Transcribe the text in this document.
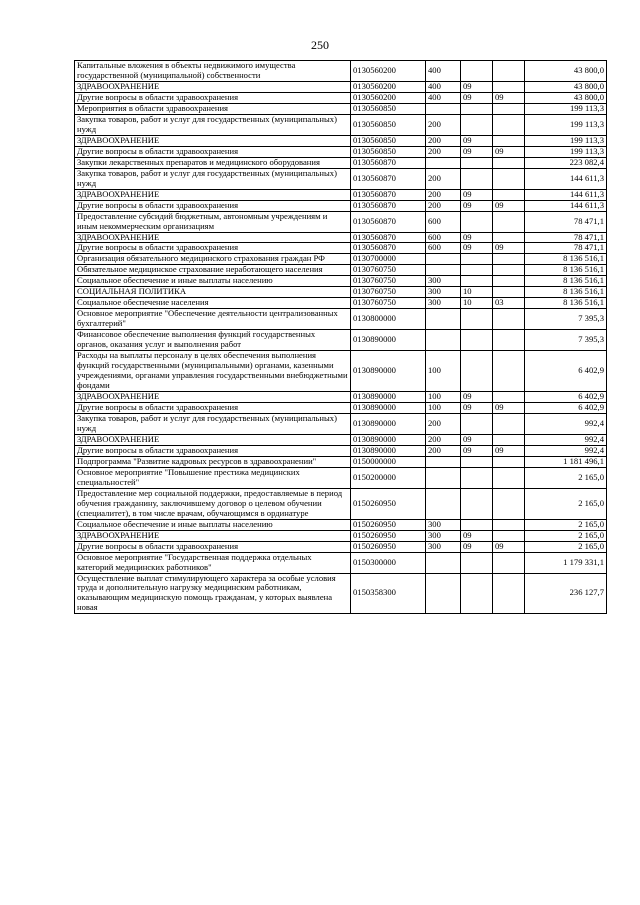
250
Капитальные вложения в объекты недвижимого имущества государственной (муниципальной) собственности	0130560200	400			43 800,0
ЗДРАВООХРАНЕНИЕ	0130560200	400	09		43 800,0
Другие вопросы в области здравоохранения	0130560200	400	09	09	43 800,0
Мероприятия в области здравоохранения	0130560850				199 113,3
Закупка товаров, работ и услуг для государственных (муниципальных) нужд	0130560850	200			199 113,3
ЗДРАВООХРАНЕНИЕ	0130560850	200	09		199 113,3
Другие вопросы в области здравоохранения	0130560850	200	09	09	199 113,3
Закупки лекарственных препаратов и медицинского оборудования	0130560870				223 082,4
Закупка товаров, работ и услуг для государственных (муниципальных) нужд	0130560870	200			144 611,3
ЗДРАВООХРАНЕНИЕ	0130560870	200	09		144 611,3
Другие вопросы в области здравоохранения	0130560870	200	09	09	144 611,3
Предоставление субсидий бюджетным, автономным учреждениям и иным некоммерческим организациям	0130560870	600			78 471,1
ЗДРАВООХРАНЕНИЕ	0130560870	600	09		78 471,1
Другие вопросы в области здравоохранения	0130560870	600	09	09	78 471,1
Организация обязательного медицинского страхования граждан РФ	0130700000				8 136 516,1
Обязательное медицинское страхование неработающего населения	0130760750				8 136 516,1
Социальное обеспечение и иные выплаты населению	0130760750	300			8 136 516,1
СОЦИАЛЬНАЯ ПОЛИТИКА	0130760750	300	10		8 136 516,1
Социальное обеспечение населения	0130760750	300	10	03	8 136 516,1
Основное мероприятие "Обеспечение деятельности централизованных бухгалтерий"	0130800000				7 395,3
Финансовое обеспечение выполнения функций государственных органов, оказания услуг и выполнения работ	0130890000				7 395,3
Расходы на выплаты персоналу в целях обеспечения выполнения функций государственными (муниципальными) органами, казенными учреждениями, органами управления государственными внебюджетными фондами	0130890000	100			6 402,9
ЗДРАВООХРАНЕНИЕ	0130890000	100	09		6 402,9
Другие вопросы в области здравоохранения	0130890000	100	09	09	6 402,9
Закупка товаров, работ и услуг для государственных (муниципальных) нужд	0130890000	200			992,4
ЗДРАВООХРАНЕНИЕ	0130890000	200	09		992,4
Другие вопросы в области здравоохранения	0130890000	200	09	09	992,4
Подпрограмма "Развитие кадровых ресурсов в здравоохранении"	0150000000				1 181 496,1
Основное мероприятие "Повышение престижа медицинских специальностей"	0150200000				2 165,0
Предоставление мер социальной поддержки, предоставляемые в период обучения гражданину, заключившему договор о целевом обучении (специалитет), в том числе врачам, обучающимся в ординатуре	0150260950				2 165,0
Социальное обеспечение и иные выплаты населению	0150260950	300			2 165,0
ЗДРАВООХРАНЕНИЕ	0150260950	300	09		2 165,0
Другие вопросы в области здравоохранения	0150260950	300	09	09	2 165,0
Основное мероприятие "Государственная поддержка отдельных категорий медицинских работников"	0150300000				1 179 331,1
Осуществление выплат стимулирующего характера за особые условия труда и дополнительную нагрузку медицинским работникам, оказывающим медицинскую помощь гражданам, у которых выявлена новая	0150358300				236 127,7
